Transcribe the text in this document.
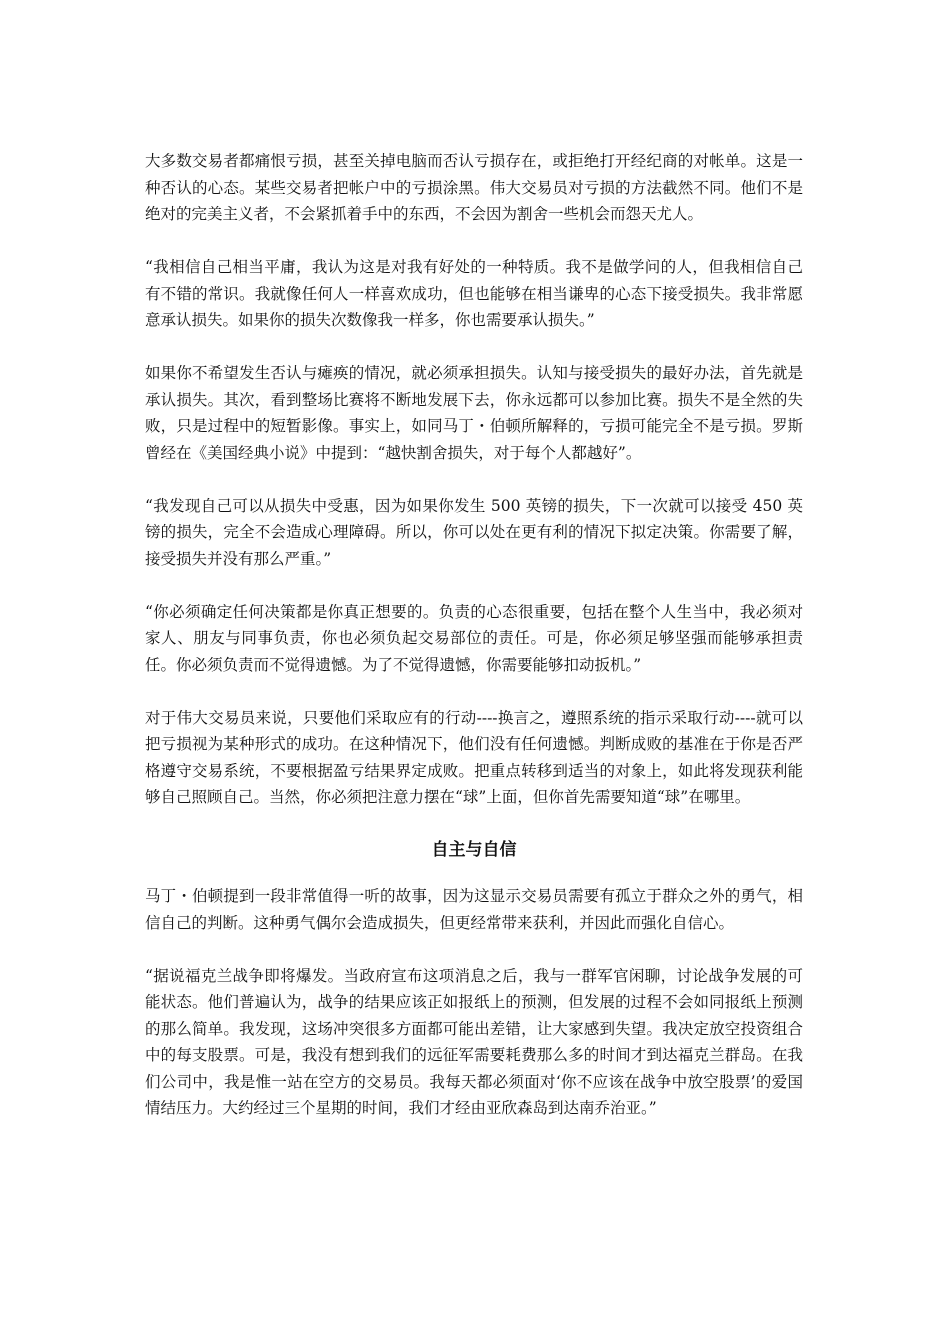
大多数交易者都痛恨亏损，甚至关掉电脑而否认亏损存在，或拒绝打开经纪商的对帐单。这是一种否认的心态。某些交易者把帐户中的亏损涂黑。伟大交易员对亏损的方法截然不同。他们不是绝对的完美主义者，不会紧抓着手中的东西，不会因为割舍一些机会而怨天尤人。

“我相信自己相当平庸，我认为这是对我有好处的一种特质。我不是做学问的人，但我相信自己有不错的常识。我就像任何人一样喜欢成功，但也能够在相当谦卑的心态下接受损失。我非常愿意承认损失。如果你的损失次数像我一样多，你也需要承认损失。”

如果你不希望发生否认与瘫痪的情况，就必须承担损失。认知与接受损失的最好办法，首先就是承认损失。其次，看到整场比赛将不断地发展下去，你永远都可以参加比赛。损失不是全然的失败，只是过程中的短暂影像。事实上，如同马丁・伯顿所解释的，亏损可能完全不是亏损。罗斯曾经在《美国经典小说》中提到：“越快割舍损失，对于每个人都越好”。

“我发现自己可以从损失中受惠，因为如果你发生 500 英镑的损失，下一次就可以接受 450 英镑的损失，完全不会造成心理障碍。所以，你可以处在更有利的情况下拟定决策。你需要了解，接受损失并没有那么严重。”

“你必须确定任何决策都是你真正想要的。负责的心态很重要，包括在整个人生当中，我必须对家人、朋友与同事负责，你也必须负起交易部位的责任。可是，你必须足够坚强而能够承担责任。你必须负责而不觉得遗憾。为了不觉得遗憾，你需要能够扣动扳机。”

对于伟大交易员来说，只要他们采取应有的行动----换言之，遵照系统的指示采取行动----就可以把亏损视为某种形式的成功。在这种情况下，他们没有任何遗憾。判断成败的基准在于你是否严格遵守交易系统，不要根据盈亏结果界定成败。把重点转移到适当的对象上，如此将发现获利能够自己照顾自己。当然，你必须把注意力摆在“球”上面，但你首先需要知道“球”在哪里。

自主与自信

马丁・伯顿提到一段非常值得一听的故事，因为这显示交易员需要有孤立于群众之外的勇气，相信自己的判断。这种勇气偶尔会造成损失，但更经常带来获利，并因此而强化自信心。

“据说福克兰战争即将爆发。当政府宣布这项消息之后，我与一群军官闲聊，讨论战争发展的可能状态。他们普遍认为，战争的结果应该正如报纸上的预测，但发展的过程不会如同报纸上预测的那么简单。我发现，这场冲突很多方面都可能出差错，让大家感到失望。我决定放空投资组合中的每支股票。可是，我没有想到我们的远征军需要耗费那么多的时间才到达福克兰群岛。在我们公司中，我是惟一站在空方的交易员。我每天都必须面对‘你不应该在战争中放空股票’的爱国情结压力。大约经过三个星期的时间，我们才经由亚欣森岛到达南乔治亚。”
